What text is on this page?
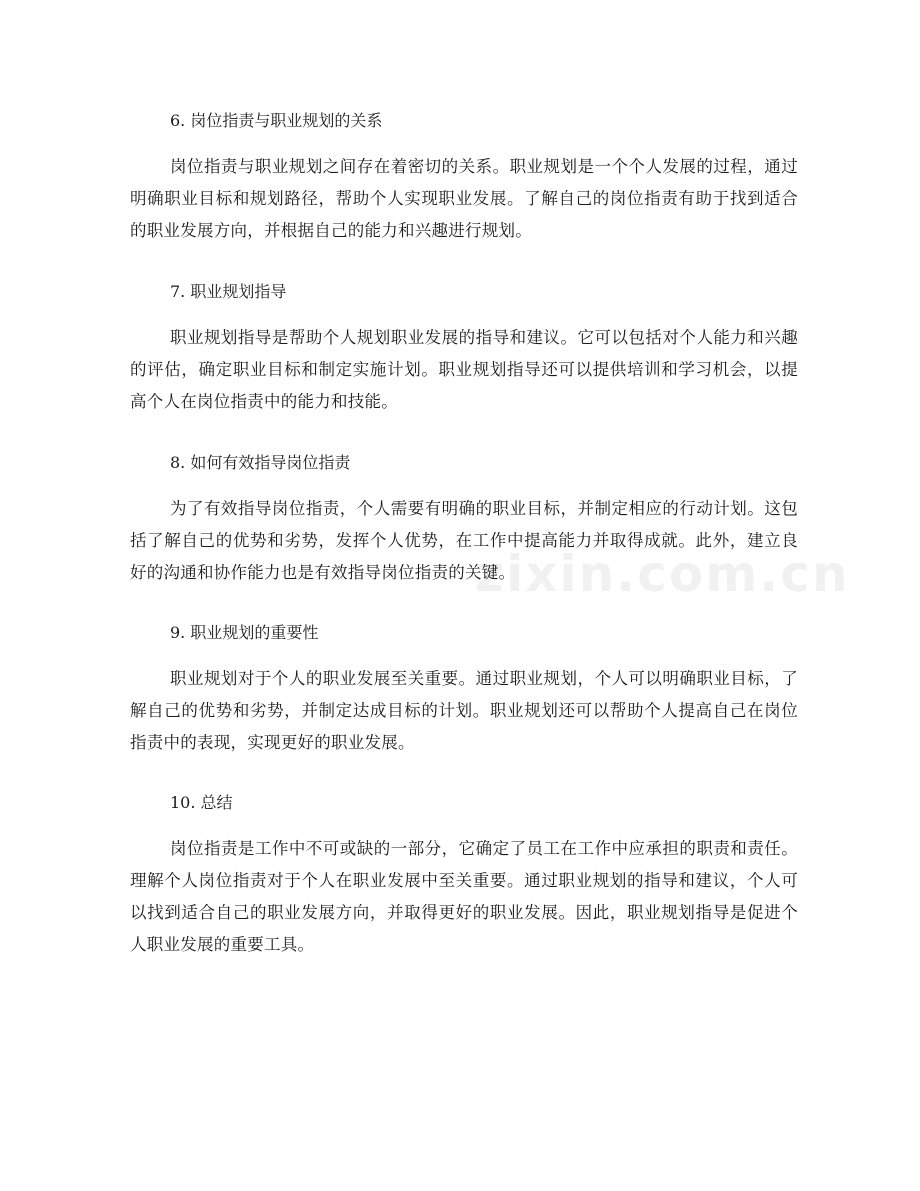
6. 岗位指责与职业规划的关系

岗位指责与职业规划之间存在着密切的关系。职业规划是一个个人发展的过程，通过明确职业目标和规划路径，帮助个人实现职业发展。了解自己的岗位指责有助于找到适合的职业发展方向，并根据自己的能力和兴趣进行规划。

7. 职业规划指导

职业规划指导是帮助个人规划职业发展的指导和建议。它可以包括对个人能力和兴趣的评估，确定职业目标和制定实施计划。职业规划指导还可以提供培训和学习机会，以提高个人在岗位指责中的能力和技能。

8. 如何有效指导岗位指责

为了有效指导岗位指责，个人需要有明确的职业目标，并制定相应的行动计划。这包括了解自己的优势和劣势，发挥个人优势，在工作中提高能力并取得成就。此外，建立良好的沟通和协作能力也是有效指导岗位指责的关键。

9. 职业规划的重要性

职业规划对于个人的职业发展至关重要。通过职业规划，个人可以明确职业目标，了解自己的优势和劣势，并制定达成目标的计划。职业规划还可以帮助个人提高自己在岗位指责中的表现，实现更好的职业发展。

10. 总结

岗位指责是工作中不可或缺的一部分，它确定了员工在工作中应承担的职责和责任。理解个人岗位指责对于个人在职业发展中至关重要。通过职业规划的指导和建议，个人可以找到适合自己的职业发展方向，并取得更好的职业发展。因此，职业规划指导是促进个人职业发展的重要工具。

zixin.com.cn
